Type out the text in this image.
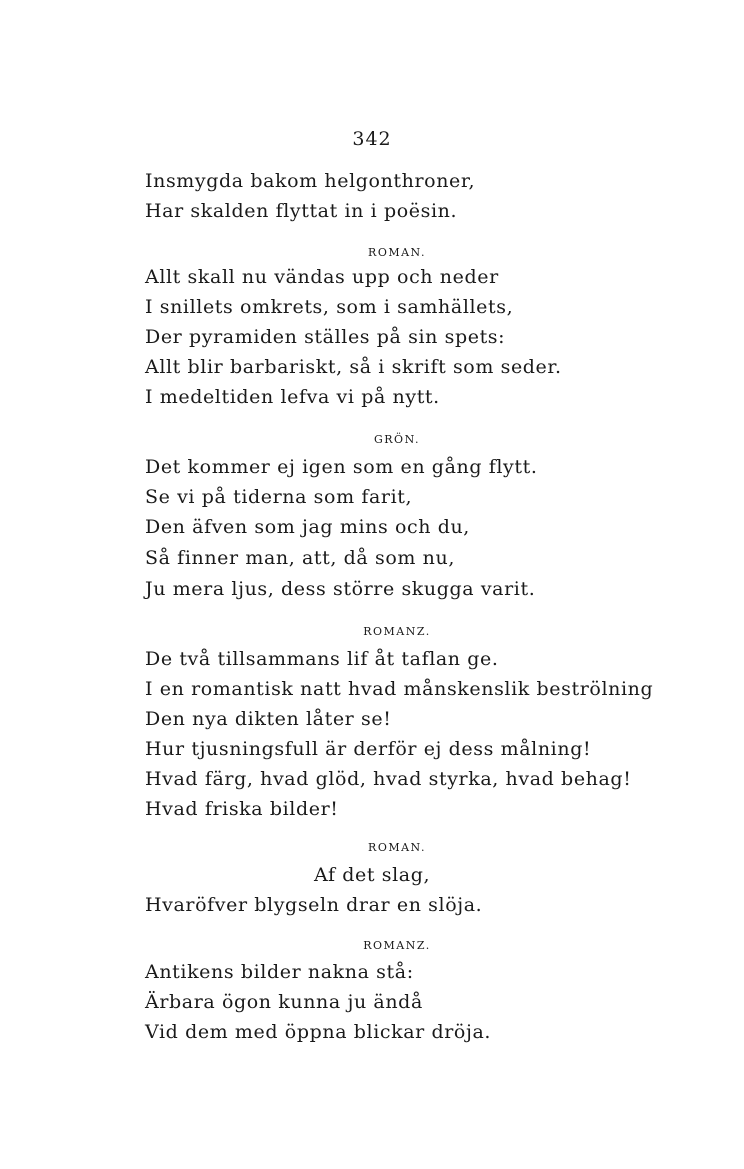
342
Insmygda bakom helgonthroner,
Har skalden flyttat in i poësin.
ROMAN.
Allt skall nu vändas upp och neder
I snillets omkrets, som i samhällets,
Der pyramiden ställes på sin spets:
Allt blir barbariskt, så i skrift som seder.
I medeltiden lefva vi på nytt.
GRÖN.
Det kommer ej igen som en gång flytt.
Se vi på tiderna som farit,
Den äfven som jag mins och du,
Så finner man, att, då som nu,
Ju mera ljus, dess större skugga varit.
ROMANZ.
De två tillsammans lif åt taflan ge.
I en romantisk natt hvad månskenslik beströlning
Den nya dikten låter se!
Hur tjusningsfull är derför ej dess målning!
Hvad färg, hvad glöd, hvad styrka, hvad behag!
Hvad friska bilder!
ROMAN.
Af det slag,
Hvaröfver blygseln drar en slöja.
ROMANZ.
Antikens bilder nakna stå:
Ärbara ögon kunna ju ändå
Vid dem med öppna blickar dröja.
